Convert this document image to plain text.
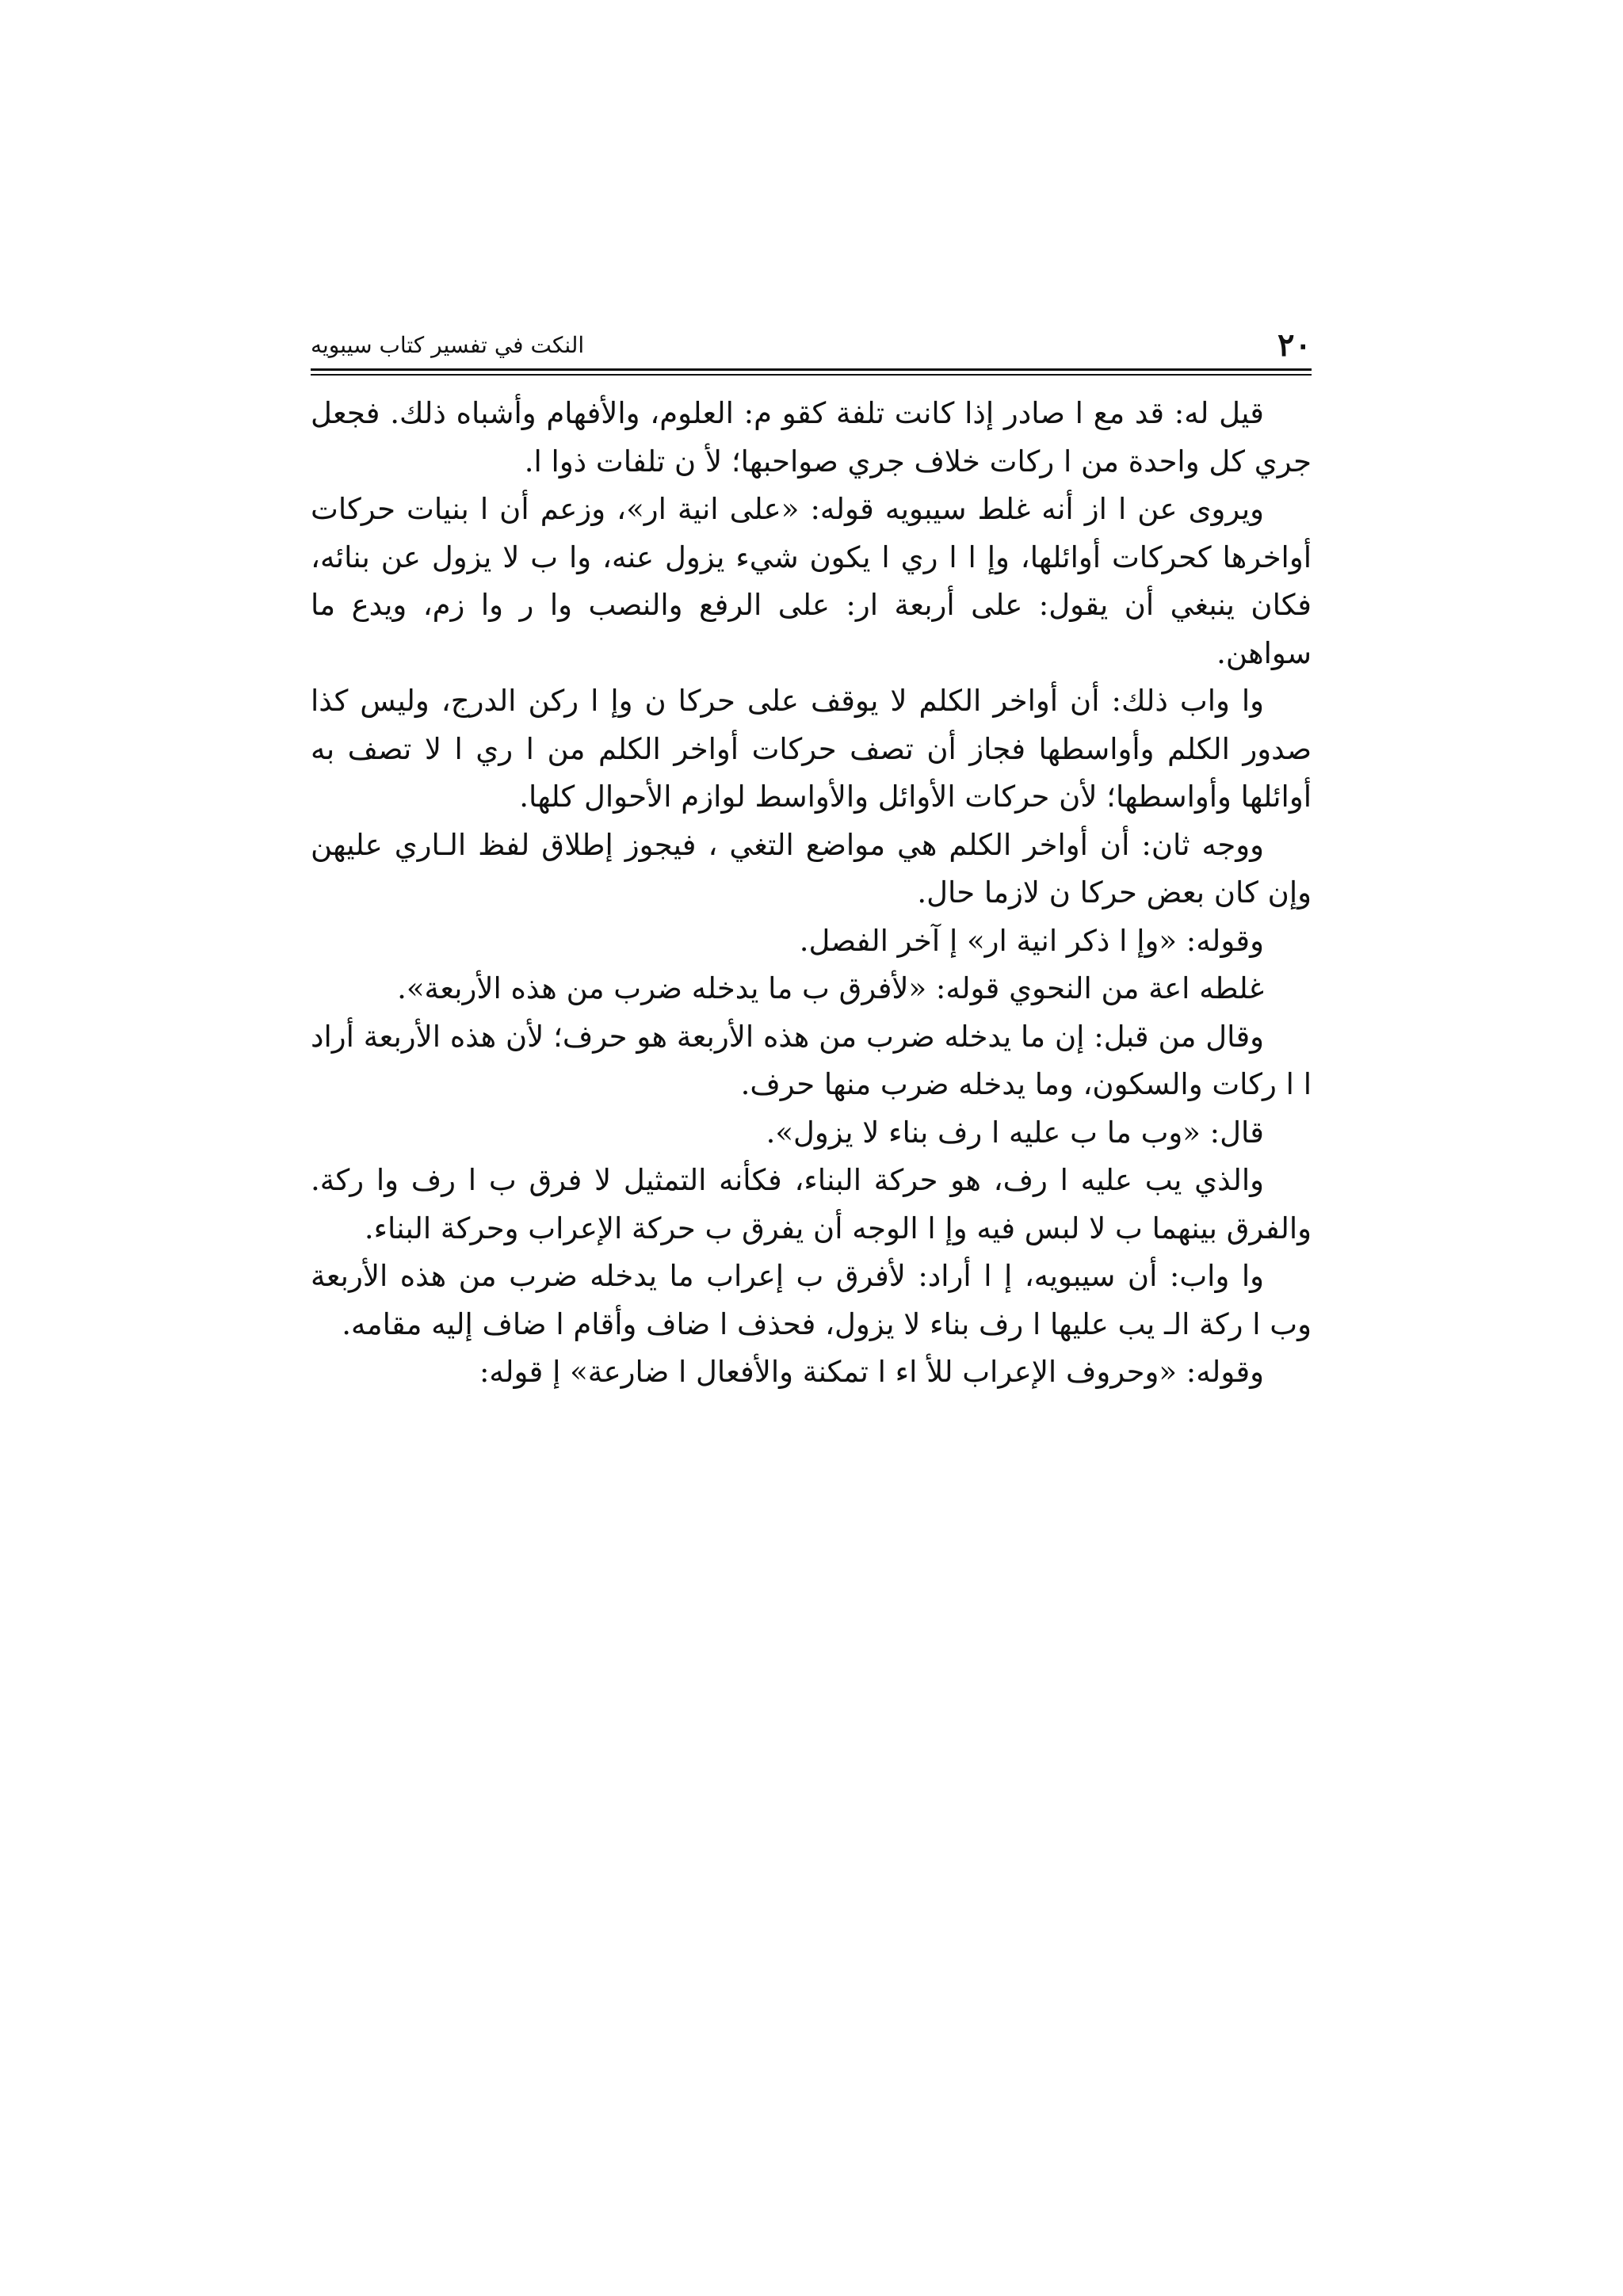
٢٠
النكت في تفسير كتاب سيبويه

قيل له: قد مع ا صادر إذا كانت تلفة كقو م: العلوم، والأفهام وأشباه ذلك. فجعل جري كل واحدة من ا ركات خلاف جري صواحبها؛ لأ ن تلفات ذوا ا.

ويروى عن ا از أنه غلط سيبويه قوله: «على انية ار»، وزعم أن ا بنيات حركات أواخرها كحركات أوائلها، وإ ا ا ري ا يكون شيء يزول عنه، وا ب لا يزول عن بنائه، فكان ينبغي أن يقول: على أربعة ار: على الرفع والنصب وا ر وا زم، ويدع ما سواهن.

وا واب ذلك: أن أواخر الكلم لا يوقف على حركا ن وإ ا ركن الدرج، وليس كذا صدور الكلم وأواسطها فجاز أن تصف حركات أواخر الكلم من ا ري ا لا تصف به أوائلها وأواسطها؛ لأن حركات الأوائل والأواسط لوازم الأحوال كلها.

ووجه ثان: أن أواخر الكلم هي مواضع التغي ، فيجوز إطلاق لفظ الـاري عليهن وإن كان بعض حركا ن لازما حال.

وقوله: «وإ ا ذكر انية ار» إ آخر الفصل.

غلطه اعة من النحوي قوله: «لأفرق ب ما يدخله ضرب من هذه الأربعة».

وقال من قبل: إن ما يدخله ضرب من هذه الأربعة هو حرف؛ لأن هذه الأربعة أراد ا ا ركات والسكون، وما يدخله ضرب منها حرف.

قال: «وب ما ب عليه ا رف بناء لا يزول».

والذي يب عليه ا رف، هو حركة البناء، فكأنه التمثيل لا فرق ب ا رف وا ركة. والفرق بينهما ب لا لبس فيه وإ ا الوجه أن يفرق ب حركة الإعراب وحركة البناء.

وا واب: أن سيبويه، إ ا أراد: لأفرق ب إعراب ما يدخله ضرب من هذه الأربعة وب ا ركة الـ يب عليها ا رف بناء لا يزول، فحذف ا ضاف وأقام ا ضاف إليه مقامه.

وقوله: «وحروف الإعراب للأ اء ا تمكنة والأفعال ا ضارعة» إ قوله:
